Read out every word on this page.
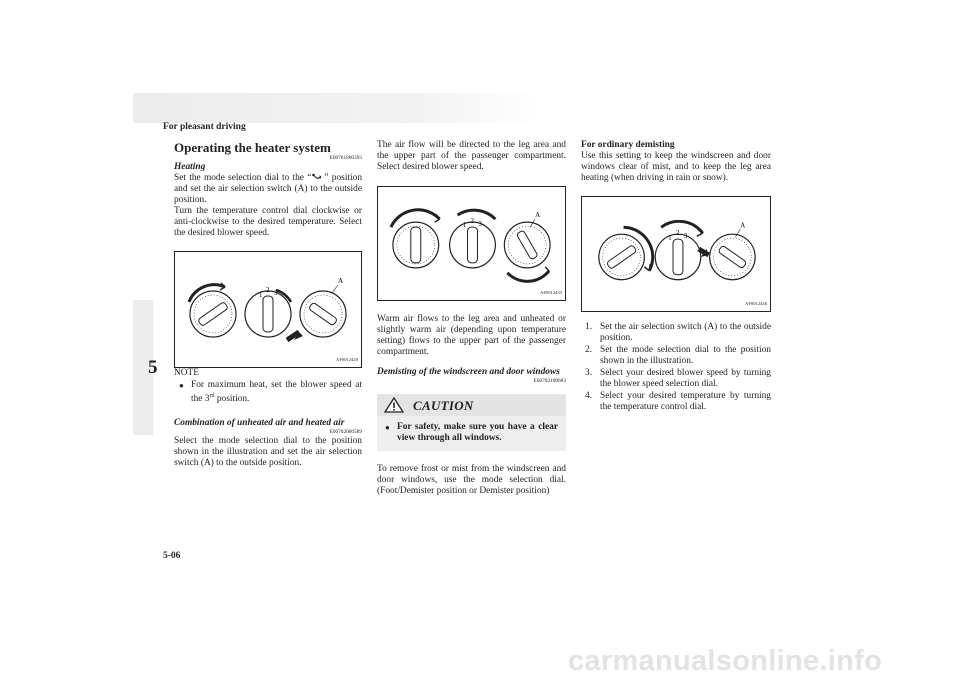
For pleasant driving
5
Operating the heater system
E00701800393

Heating

Set the mode selection dial to the “ ” position and set the air selection switch (A) to the outside position.

Turn the temperature control dial clockwise or anti-clockwise to the desired temperature. Select the desired blower speed.

1
2 3
A
AF0012420

NOTE

● For maximum heat, set the blower speed at the 3rd position.

Combination of unheated air and heated air

E00702000589

Select the mode selection dial to the position shown in the illustration and set the air selection switch (A) to the outside position.

The air flow will be directed to the leg area and the upper part of the passenger compartment. Select desired blower speed.

1 2 3
A
AF0012433

Warm air flows to the leg area and unheated or slightly warm air (depending upon temperature setting) flows to the upper part of the passenger compartment.

Demisting of the windscreen and door windows

E00702100683
CAUTION
● For safety, make sure you have a clear view through all windows.

To remove frost or mist from the windscreen and door windows, use the mode selection dial. (Foot/Demister position or Demister position)

For ordinary demisting

Use this setting to keep the windscreen and door windows clear of mist, and to keep the leg area heating (when driving in rain or snow).

1
2 3
A
AF0012446
1. Set the air selection switch (A) to the outside position.
2. Set the mode selection dial to the position shown in the illustration.
3. Select your desired blower speed by turning the blower speed selection dial.
4. Select your desired temperature by turning the temperature control dial.
5-06
carmanualsonline.info
